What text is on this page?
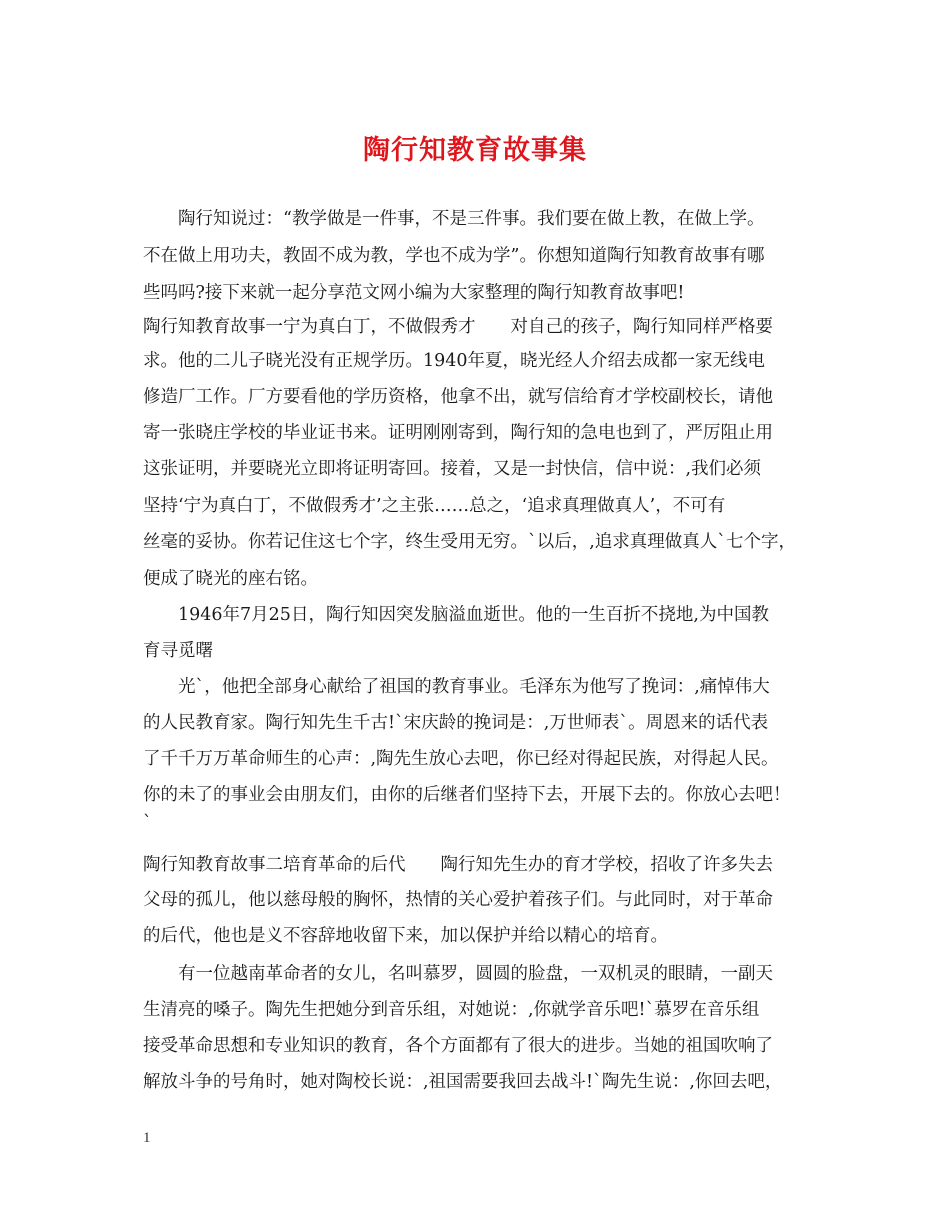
陶行知教育故事集
　　陶行知说过：“教学做是一件事，不是三件事。我们要在做上教，在做上学。
不在做上用功夫，教固不成为教，学也不成为学”。你想知道陶行知教育故事有哪
些吗吗?接下来就一起分享范文网小编为大家整理的陶行知教育故事吧!
陶行知教育故事一宁为真白丁，不做假秀才　　对自己的孩子，陶行知同样严格要
求。他的二儿子晓光没有正规学历。1940年夏，晓光经人介绍去成都一家无线电
修造厂工作。厂方要看他的学历资格，他拿不出，就写信给育才学校副校长，请他
寄一张晓庄学校的毕业证书来。证明刚刚寄到，陶行知的急电也到了，严厉阻止用
这张证明，并要晓光立即将证明寄回。接着，又是一封快信，信中说：,我们必须
坚持‘宁为真白丁，不做假秀才’之主张……总之，‘追求真理做真人’，不可有
丝毫的妥协。你若记住这七个字，终生受用无穷。`以后，,追求真理做真人`七个字，
便成了晓光的座右铭。
　　1946年7月25日，陶行知因突发脑溢血逝世。他的一生百折不挠地,为中国教
育寻觅曙
　　光`，他把全部身心献给了祖国的教育事业。毛泽东为他写了挽词：,痛悼伟大
的人民教育家。陶行知先生千古!`宋庆龄的挽词是：,万世师表`。周恩来的话代表
了千千万万革命师生的心声：,陶先生放心去吧，你已经对得起民族，对得起人民。
你的未了的事业会由朋友们，由你的后继者们坚持下去，开展下去的。你放心去吧！
`
陶行知教育故事二培育革命的后代　　陶行知先生办的育才学校，招收了许多失去
父母的孤儿，他以慈母般的胸怀，热情的关心爱护着孩子们。与此同时，对于革命
的后代，他也是义不容辞地收留下来，加以保护并给以精心的培育。
　　有一位越南革命者的女儿，名叫慕罗，圆圆的脸盘，一双机灵的眼睛，一副天
生清亮的嗓子。陶先生把她分到音乐组，对她说：,你就学音乐吧!`慕罗在音乐组
接受革命思想和专业知识的教育，各个方面都有了很大的进步。当她的祖国吹响了
解放斗争的号角时，她对陶校长说：,祖国需要我回去战斗!`陶先生说：,你回去吧，
1
